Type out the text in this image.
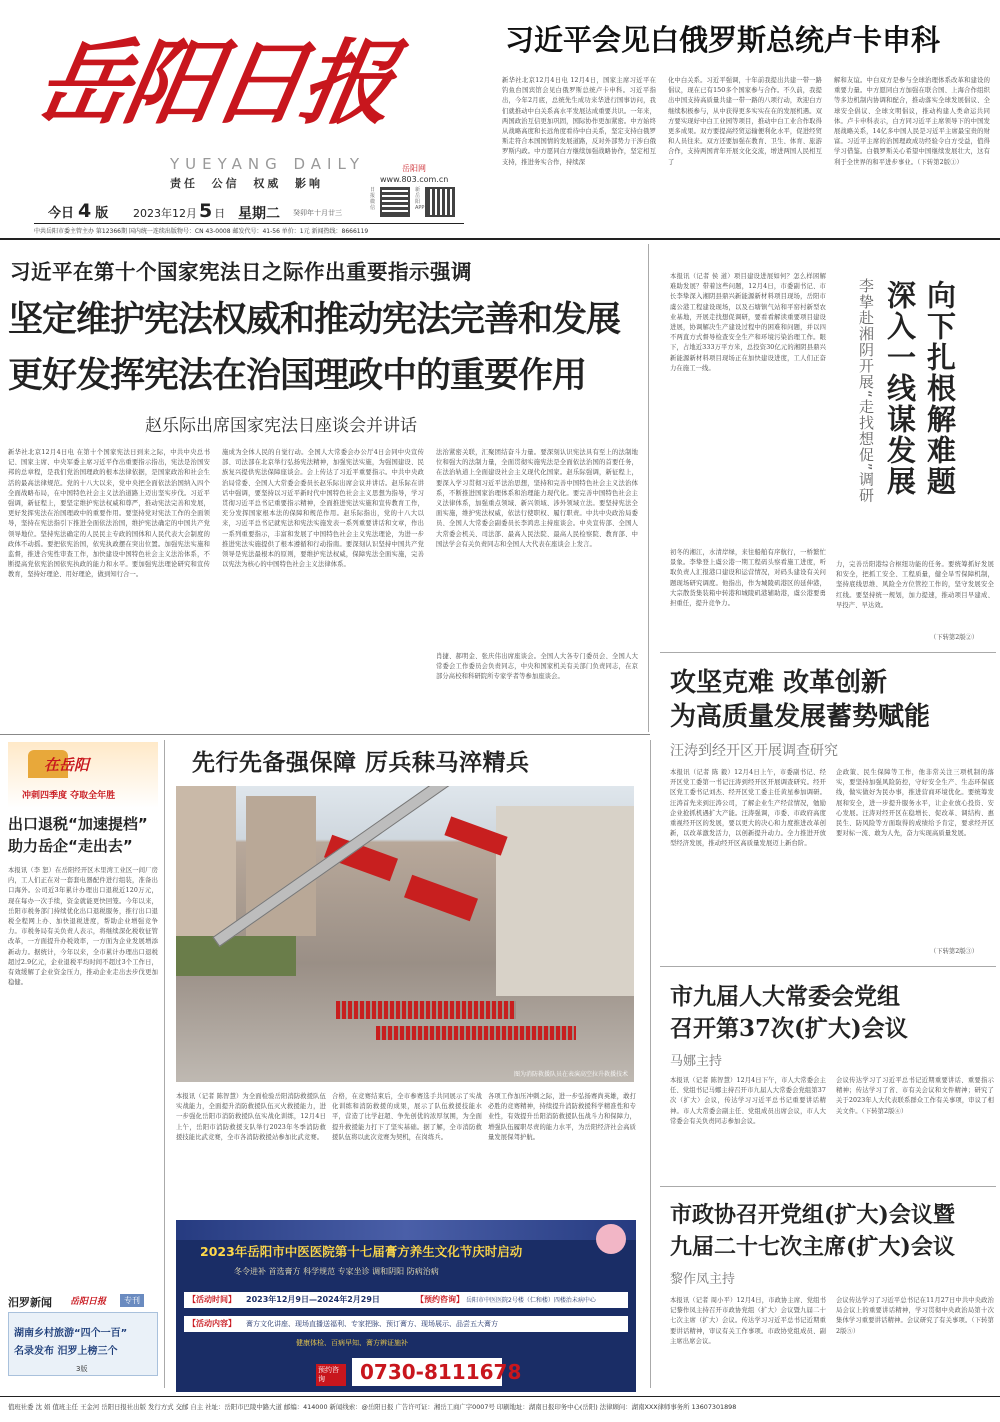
岳阳日报
YUEYANG DAILY
责任  公信  权威  影响
今日 4 版 2023年12月 5 日 星期二 癸卯年十月廿三
岳阳网
www.803.com.cn
日报微信
新岳阳APP
中共岳阳市委主管主办 第12366期 国内统一连续出版物号：CN 43-0008 邮发代号：41-56 单价：1元 新闻热线：8666119
习近平会见白俄罗斯总统卢卡申科
新华社北京12月4日电 12月4日，国家主席习近平在钓鱼台国宾馆会见白俄罗斯总统卢卡申科。习近平指出，今年2月底，总统先生成功来华进行国事访问，我们就推动中白关系高水平发展达成重要共识。一年来，两国政治互信更加巩固，国际协作更加紧密。中方始终从战略高度和长远角度看待中白关系，坚定支持白俄罗斯走符合本国国情的发展道路，反对外部势力干涉白俄罗斯内政。中方愿同白方继续加强战略协作，坚定相互支持，推进务实合作，持续深
化中白关系。习近平强调，十年前我提出共建一带一路倡议，现在已有150多个国家参与合作。不久前，我提出中国支持高质量共建一带一路的八项行动，欢迎白方继续积极参与，从中获得更多实实在在的发展机遇。双方要实现好中白工业园等项目，推动中白工业合作取得更多成果。双方要提高经贸运输便利化水平，促进经贸和人员往来。双方还要加强在教育、卫生、体育、旅游合作，支持两国青年开展文化交流，增进两国人民相互了
解和友谊。中白双方是参与全球治理体系改革和建设的重要力量。中方愿同白方加强在联合国、上海合作组织等多边机制内协调和配合，推动落实全球发展倡议、全球安全倡议、全球文明倡议，推动构建人类命运共同体。卢卡申科表示，白方同习近平主席领导下的中国发展战略关系，14亿多中国人民是习近平主席最宝贵的财富。习近平主席的治国理政成功经验令白方受益，值得学习借鉴。白俄罗斯关心希望中国继续发展壮大，这有利于全世界的和平进步事业。（下转第2版①）
习近平在第十个国家宪法日之际作出重要指示强调
坚定维护宪法权威和推动宪法完善和发展
更好发挥宪法在治国理政中的重要作用
赵乐际出席国家宪法日座谈会并讲话
新华社北京12月4日电 在第十个国家宪法日到来之际，中共中央总书记、国家主席、中央军委主席习近平作出重要指示指出，宪法是治国安邦的总章程，是我们党治国理政的根本法律依据，是国家政治和社会生活的最高法律规范。党的十八大以来，党中央把全面依法治国纳入四个全面战略布局，在中国特色社会主义法治道路上迈出坚实步伐。习近平强调，新征程上，要坚定维护宪法权威和尊严，推动宪法完善和发展，更好发挥宪法在治国理政中的重要作用。要坚持党对宪法工作的全面领导，坚持在宪法指引下推进全面依法治国，维护宪法确定的中国共产党领导地位。坚持宪法确定的人民民主专政的国体和人民代表大会制度的政体不动摇。要把依宪治国，依宪执政摆在突出位置。加强宪法实施和监督，推进合宪性审查工作，加快建设中国特色社会主义法治体系，不断提高党依宪治国依宪执政的能力和水平。要加强宪法理论研究和宣传教育，坚持好理论、用好理论，做到知行合一。
施成为全体人民的自觉行动。全国人大常委会办公厅4日会同中央宣传部、司法部在北京举行弘扬宪法精神，加强宪法实施，为强国建设、民族复兴提供宪法保障座谈会。会上传达了习近平重要指示。中共中央政治局常委、全国人大常委会委员长赵乐际出席会议并讲话。赵乐际在讲话中强调，要坚持以习近平新时代中国特色社会主义思想为指导，学习贯彻习近平总书记重要指示精神，全面推进宪法实施和宣传教育工作，充分发挥国家根本法的保障和规范作用。赵乐际指出，党的十八大以来，习近平总书记就宪法和宪法实施发表一系列重要讲话和文章，作出一系列重要指示，丰富和发展了中国特色社会主义宪法理论，为进一步推进宪法实施提供了根本遵循和行动指南。要深刻认识坚持中国共产党领导是宪法最根本的原则，要维护宪法权威，保障宪法全面实施，完善以宪法为核心的中国特色社会主义法律体系。
法治紧密关联，汇聚团结奋斗力量。要深刻认识宪法具有至上的法制地位和强大的法制力量，全面贯彻实施宪法是全面依法治国的首要任务，在法治轨道上全面建设社会主义现代化国家。赵乐际强调，新征程上，要深入学习贯彻习近平法治思想，坚持和完善中国特色社会主义法治体系，不断推进国家治理体系和治理能力现代化。要完善中国特色社会主义法律体系，加强重点领域、新兴领域、涉外领域立法。要坚持宪法全面实施，维护宪法权威，依法行使职权、履行职责。中共中央政治局委员、全国人大常委会副委员长李鸿忠主持座谈会。中央宣传部、全国人大常委会机关、司法部、最高人民法院、最高人民检察院、教育部、中国法学会有关负责同志和全国人大代表在座谈会上发言。
肖捷、郝明金、张庆伟出席座谈会。全国人大各专门委员会、全国人大常委会工作委员会负责同志，中央和国家机关有关部门负责同志，在京部分高校和科研院所专家学者等参加座谈会。
本报讯（记者 侯 道）项目建设进展如何？怎么样困解难助发展？带着这些问题，12月4日，市委副书记、市长李挚深入湘阴县鼎兴新能源新材料项目现场，岳阳市虞公港工程建设现场，以及石塘镇气站和平窑村新型农业基地，开展走找想促调研，要看看解读重要项目建设进展，协调解决生产建设过程中的困难和问题，并以四不两直方式督导检查安全生产和环境污染治理工作。眼下，占地近333万平方米，总投资30亿元的湘阴县鼎兴新能源新材料项目现场正在加快建设进度，工人们正奋力在施工一线。
初冬的湘江，水清岸绿，来往船舶有序航行，一桥繁忙景象。李挚登上虞公港一期工程码头察看施工进度，听取负责人汇报港口建设和运营情况，对码头建设有关问题现场研究调度。他指出，作为城陵矶港区的延伸港，大宗散货集装箱中转港和城陵矶港辅助港，虞公港要勇担重任，提升竞争力。
向下扎根解难题
深入一线谋发展
李挚赴湘阴开展“走找想促”调研
力，完善岳阳港综合枢纽功能的任务。要统筹抓好发展和安全，把抓工安全、工程质量，健全旱雪保障机制，坚持底线思维、风险全方位管控工作的，坚守发展安全红线。要坚持统一规划，加力提速，推动项目早建成、早投产、早达效。
（下转第2版②）
攻坚克难 改革创新
为高质量发展蓄势赋能
汪涛到经开区开展调查研究
本报讯（记者 陈 毅）12月4日上午，市委副书记、经开区党工委第一书记汪涛到经开区开展调查研究。经开区党工委书记刘杰、经开区党工委主任黄星参加调研。汪涛首先来到汪涛公司，了解企业生产经营情况，勉励企业抢抓机遇扩大产能。汪涛强调，市委、市政府高度重视经开区的发展，要以更大的决心和力度推进改革创新，以改革激发活力，以创新提升动力。全力推进开放型经济发展，推动经开区高质量发展迈上新台阶。
企政策、民生保障等工作，他非常关注三项机制的落实，要坚持加强风险防控，守好安全生产、生态环保底线，做实做好为民办事，推进营商环境优化。要统筹发展和安全，进一步提升服务水平，让企业放心投资、安心发展。汪涛对经开区在稳增长、促改革、调结构、惠民生、防风险等方面取得的成绩给予肯定，要求经开区要对标一流、敢为人先，奋力实现高质量发展。
（下转第2版③）
市九届人大常委会党组
召开第37次(扩大)会议
马娜主持
本报讯（记者 陈智慧）12月4日下午，市人大常委会主任、党组书记马娜主持召开市九届人大常委会党组第37次（扩大）会议，传达学习习近平总书记重要讲话精神。市人大常委会副主任、党组成员出席会议，市人大常委会有关负责同志参加会议。
会议传达学习了习近平总书记近期重要讲话、重要指示精神；传达学习了省、市有关会议和文件精神；研究了关于2023年人大代表联系群众工作有关事项，审议了相关文件。（下转第2版④）
市政协召开党组(扩大)会议暨
九届二十七次主席(扩大)会议
黎作凤主持
本报讯（记者 周小平）12月4日，市政协主席、党组书记黎作凤主持召开市政协党组（扩大）会议暨九届二十七次主席（扩大）会议。传达学习习近平总书记近期重要讲话精神，审议有关工作事项。市政协党组成员、副主席出席会议。
会议传达学习了习近平总书记在11月27日中共中央政治局会议上的重要讲话精神，学习贯彻中央政治局第十次集体学习重要讲话精神。会议研究了有关事项。（下转第2版⑤）
在岳阳
冲刺四季度 夺取全年胜
出口退税“加速提档”
助力岳企“走出去”
本报讯（李 恕）在岳阳经开区木里湾工业区一间厂房内，工人们正在对一套套电器配件进行组装，准备出口海外。公司近3年累计办理出口退税近120万元，现在每办一次手续，资金就能更快回笼。今年以来，岳阳市税务部门持续优化出口退税服务，推行出口退税全程网上办、加快退税进度，帮助企业增强竞争力。市税务局有关负责人表示，将继续深化税收征管改革，一方面提升办税效率，一方面为企业发展增添新动力。据统计，今年以来，全市累计办理出口退税超过2.9亿元，企业退税平均时间不超过3个工作日，有效缓解了企业资金压力，推动企业走出去步伐更加稳健。
汨罗新闻 岳阳日报	专刊
湖南乡村旅游“四个一百”
名录发布 汨罗上榜三个
3版
先行先备强保障 厉兵秣马淬精兵
图为消防救援队员在表演高空拉升救援技术
本报讯（记者 陈智慧）为全面检验岳阳消防救援队伍实战能力，全面提升消防救援队伍灭火救援能力，进一步强化岳阳市消防救援队伍实战化训练，12月4日上午，岳阳市消防救援支队举行2023年冬季消防救援技能比武竞赛，全市各消防救援站参加比武竞赛。
合格，在竞赛结束后，全市参赛选手共同展示了实战化训练和消防救援的成果，展示了队伍救援技能水平，营造了比学赶超、争先创优的浓厚氛围，为全面提升救援能力打下了坚实基础。据了解，全市消防救援队伍将以此次竞赛为契机，在岗练兵。
各项工作加压冲刺之际，进一步弘扬赛尚英雄，敢打必胜的竞赛精神，持续提升消防救援科学精准性和专业性，有效提升岳阳消防救援队伍战斗力和保障力，增强队伍履职尽责的能力水平，为岳阳经济社会高质量发展保驾护航。
2023年岳阳市中医医院第十七届膏方养生文化节庆时启动
冬令进补 首选膏方 科学规范 专家坐诊 调和阴阳 防病治病
【活动时间】 2023年12月9日—2024年2月29日	【预约咨询】 岳阳市中医医院2号楼（仁和楼）四楼治未病中心
【活动内容】 膏方文化讲座、现场直播送福利、专家把脉、预订膏方、现场展示、品尝五大膏方
健康体检、百病早知、膏方辨证施补
预约咨询	0730-8111678
值班社委 沈 娟 值班主任 王金河 岳阳日报社出版 发行方式 交邮 自主 社址：岳阳市巴陵中路大道 邮编：414000 新闻线索：@岳阳日报 广告许可证：湘岳工商广字0007号 印刷地址：湖南日报印务中心(岳阳) 法律顾问：湖南XXX律师事务所 13607301898
